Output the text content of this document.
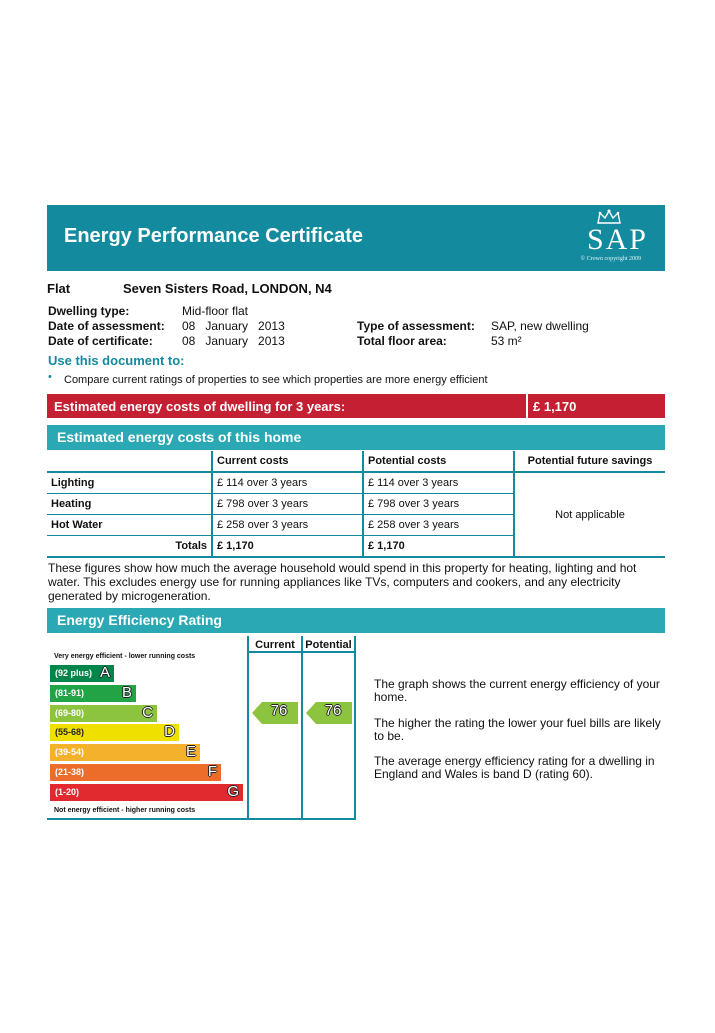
Energy Performance Certificate	SAP
© Crown copyright 2009
Flat	Seven Sisters Road, LONDON, N4
Dwelling type:	Mid-floor flat
Date of assessment: 08   January   2013
Date of certificate: 08   January   2013
Type of assessment: SAP, new dwelling
Total floor area:	53 m²
Use this document to:
• Compare current ratings of properties to see which properties are more energy efficient
Estimated energy costs of dwelling for 3 years:	£ 1,170
Estimated energy costs of this home
	Current costs	Potential costs	Potential future savings
Lighting	£ 114 over 3 years	£ 114 over 3 years	Not applicable
Heating	£ 798 over 3 years	£ 798 over 3 years	
Hot Water	£ 258 over 3 years	£ 258 over 3 years	
Totals	£ 1,170	£ 1,170	
These figures show how much the average household would spend in this property for heating, lighting and hot water. This excludes energy use for running appliances like TVs, computers and cookers, and any electricity generated by microgeneration.
Energy Efficiency Rating
Current Potential
Very energy efficient - lower running costs
Not energy efficient - higher running costs
(92 plus) A
(81-91)	B
(69-80)	C
(55-68)	D
(39-54)	E
(21-38)	F
(1-20)	G
76	76
The graph shows the current energy efficiency of your home.
The higher the rating the lower your fuel bills are likely to be.
The average energy efficiency rating for a dwelling in England and Wales is band D (rating 60).
